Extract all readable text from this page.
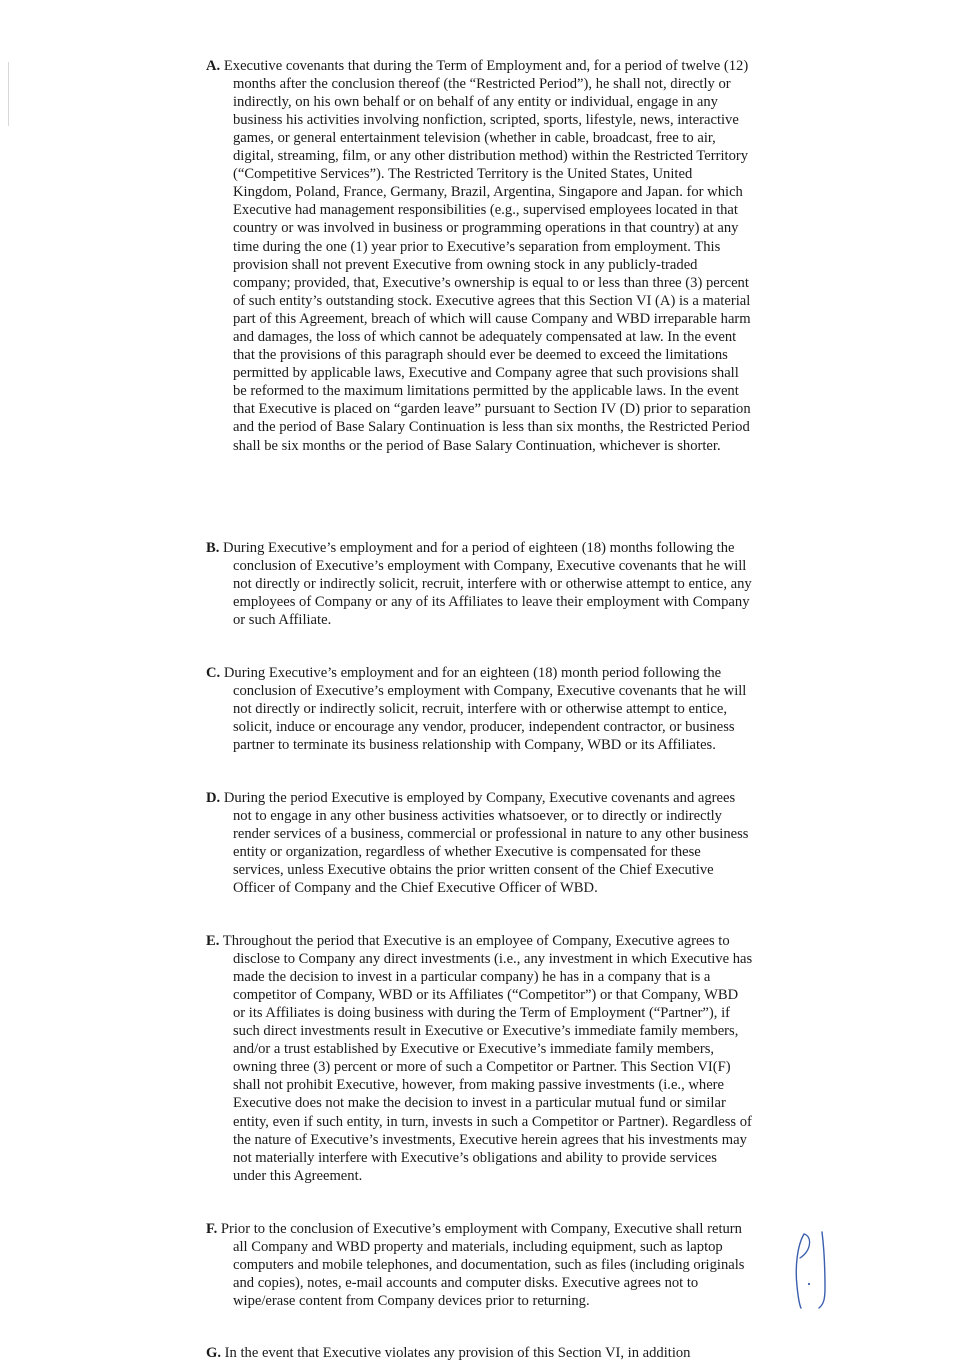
A. Executive covenants that during the Term of Employment and, for a period of twelve (12) months after the conclusion thereof (the “Restricted Period”), he shall not, directly or indirectly, on his own behalf or on behalf of any entity or individual, engage in any business his activities involving nonfiction, scripted, sports, lifestyle, news, interactive games, or general entertainment television (whether in cable, broadcast, free to air, digital, streaming, film, or any other distribution method) within the Restricted Territory (“Competitive Services”). The Restricted Territory is the United States, United Kingdom, Poland, France, Germany, Brazil, Argentina, Singapore and Japan. for which Executive had management responsibilities (e.g., supervised employees located in that country or was involved in business or programming operations in that country) at any time during the one (1) year prior to Executive’s separation from employment. This provision shall not prevent Executive from owning stock in any publicly-traded company; provided, that, Executive’s ownership is equal to or less than three (3) percent of such entity’s outstanding stock. Executive agrees that this Section VI (A) is a material part of this Agreement, breach of which will cause Company and WBD irreparable harm and damages, the loss of which cannot be adequately compensated at law. In the event that the provisions of this paragraph should ever be deemed to exceed the limitations permitted by applicable laws, Executive and Company agree that such provisions shall be reformed to the maximum limitations permitted by the applicable laws. In the event that Executive is placed on “garden leave” pursuant to Section IV (D) prior to separation and the period of Base Salary Continuation is less than six months, the Restricted Period shall be six months or the period of Base Salary Continuation, whichever is shorter.

B. During Executive’s employment and for a period of eighteen (18) months following the conclusion of Executive’s employment with Company, Executive covenants that he will not directly or indirectly solicit, recruit, interfere with or otherwise attempt to entice, any employees of Company or any of its Affiliates to leave their employment with Company or such Affiliate.

C. During Executive’s employment and for an eighteen (18) month period following the conclusion of Executive’s employment with Company, Executive covenants that he will not directly or indirectly solicit, recruit, interfere with or otherwise attempt to entice, solicit, induce or encourage any vendor, producer, independent contractor, or business partner to terminate its business relationship with Company, WBD or its Affiliates.

D. During the period Executive is employed by Company, Executive covenants and agrees not to engage in any other business activities whatsoever, or to directly or indirectly render services of a business, commercial or professional in nature to any other business entity or organization, regardless of whether Executive is compensated for these services, unless Executive obtains the prior written consent of the Chief Executive Officer of Company and the Chief Executive Officer of WBD.

E. Throughout the period that Executive is an employee of Company, Executive agrees to disclose to Company any direct investments (i.e., any investment in which Executive has made the decision to invest in a particular company) he has in a company that is a competitor of Company, WBD or its Affiliates (“Competitor”) or that Company, WBD or its Affiliates is doing business with during the Term of Employment (“Partner”), if such direct investments result in Executive or Executive’s immediate family members, and/or a trust established by Executive or Executive’s immediate family members, owning three (3) percent or more of such a Competitor or Partner. This Section VI(F) shall not prohibit Executive, however, from making passive investments (i.e., where Executive does not make the decision to invest in a particular mutual fund or similar entity, even if such entity, in turn, invests in such a Competitor or Partner). Regardless of the nature of Executive’s investments, Executive herein agrees that his investments may not materially interfere with Executive’s obligations and ability to provide services under this Agreement.

F. Prior to the conclusion of Executive’s employment with Company, Executive shall return all Company and WBD property and materials, including equipment, such as laptop computers and mobile telephones, and documentation, such as files (including originals and copies), notes, e-mail accounts and computer disks. Executive agrees not to wipe/erase content from Company devices prior to returning.

G. In the event that Executive violates any provision of this Section VI, in addition
